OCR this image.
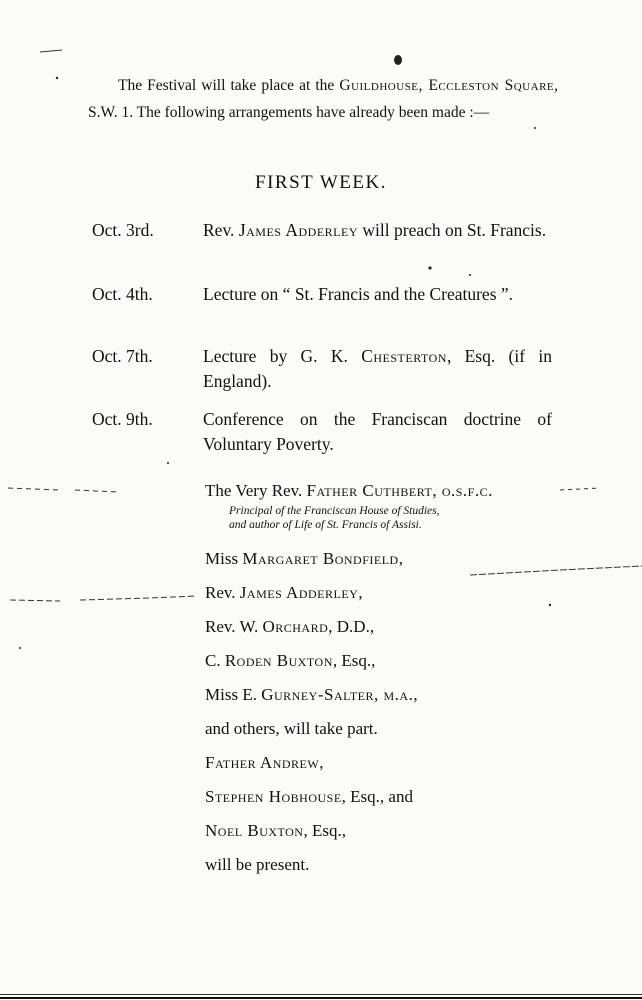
The Festival will take place at the Guildhouse, Eccleston Square, S.W. 1. The following arrangements have already been made :—

FIRST WEEK.
Oct. 3rd.	Rev. James Adderley will preach on St. Francis.
Oct. 4th.	Lecture on “ St. Francis and the Creatures ”.
Oct. 7th.	Lecture by G. K. Chesterton, Esq. (if in England).
Oct. 9th.	Conference on the Franciscan doctrine of Voluntary Poverty.
The Very Rev. Father Cuthbert, o.s.f.c.
Principal of the Franciscan House of Studies,
and author of Life of St. Francis of Assisi.
Miss Margaret Bondfield,
Rev. James Adderley,
Rev. W. Orchard, D.D.,
C. Roden Buxton, Esq.,
Miss E. Gurney-Salter, m.a.,
and others, will take part.
Father Andrew,
Stephen Hobhouse, Esq., and
Noel Buxton, Esq.,
will be present.
